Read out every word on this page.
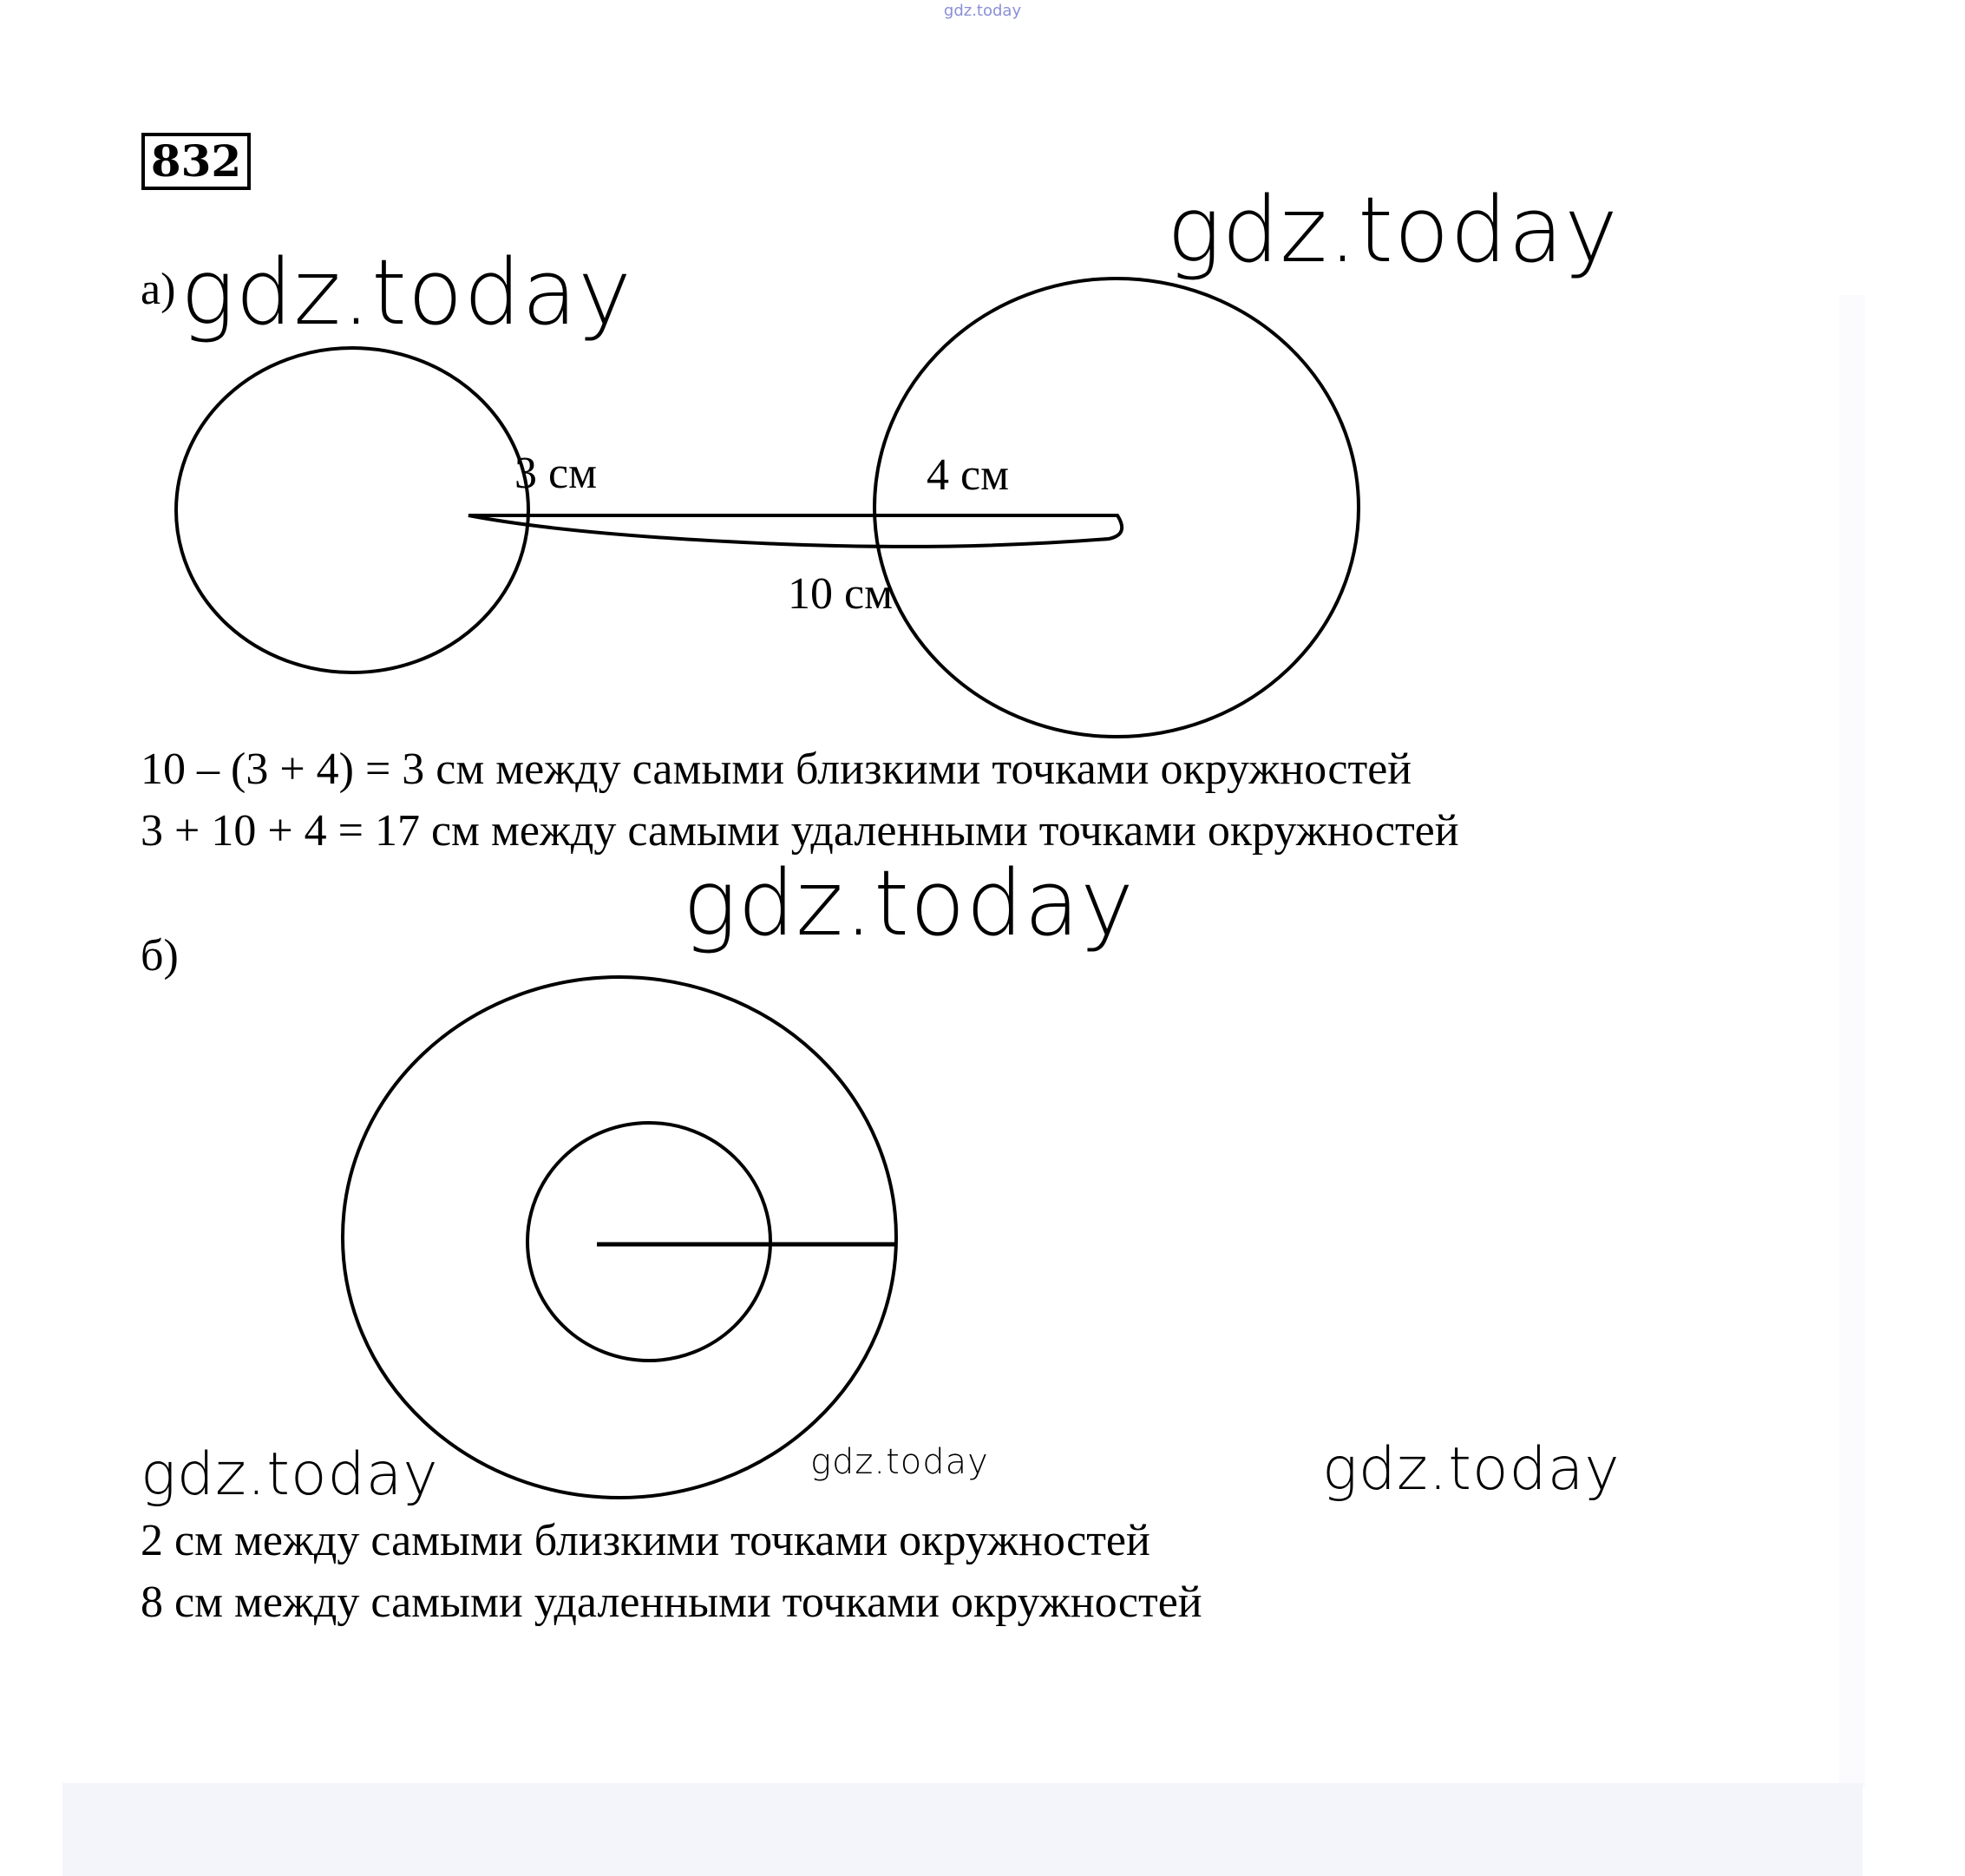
gdz.today
832
а)
3 см	4 см
10 см
10 – (3 + 4) = 3 см между самыми близкими точками окружностей
3 + 10 + 4 = 17 см между самыми удаленными точками окружностей
б)
2 см между самыми близкими точками окружностей
8 см между самыми удаленными точками окружностей
gdz.today
gdz.today
gdz.today
gdz.today	gdz.today	gdz.today
